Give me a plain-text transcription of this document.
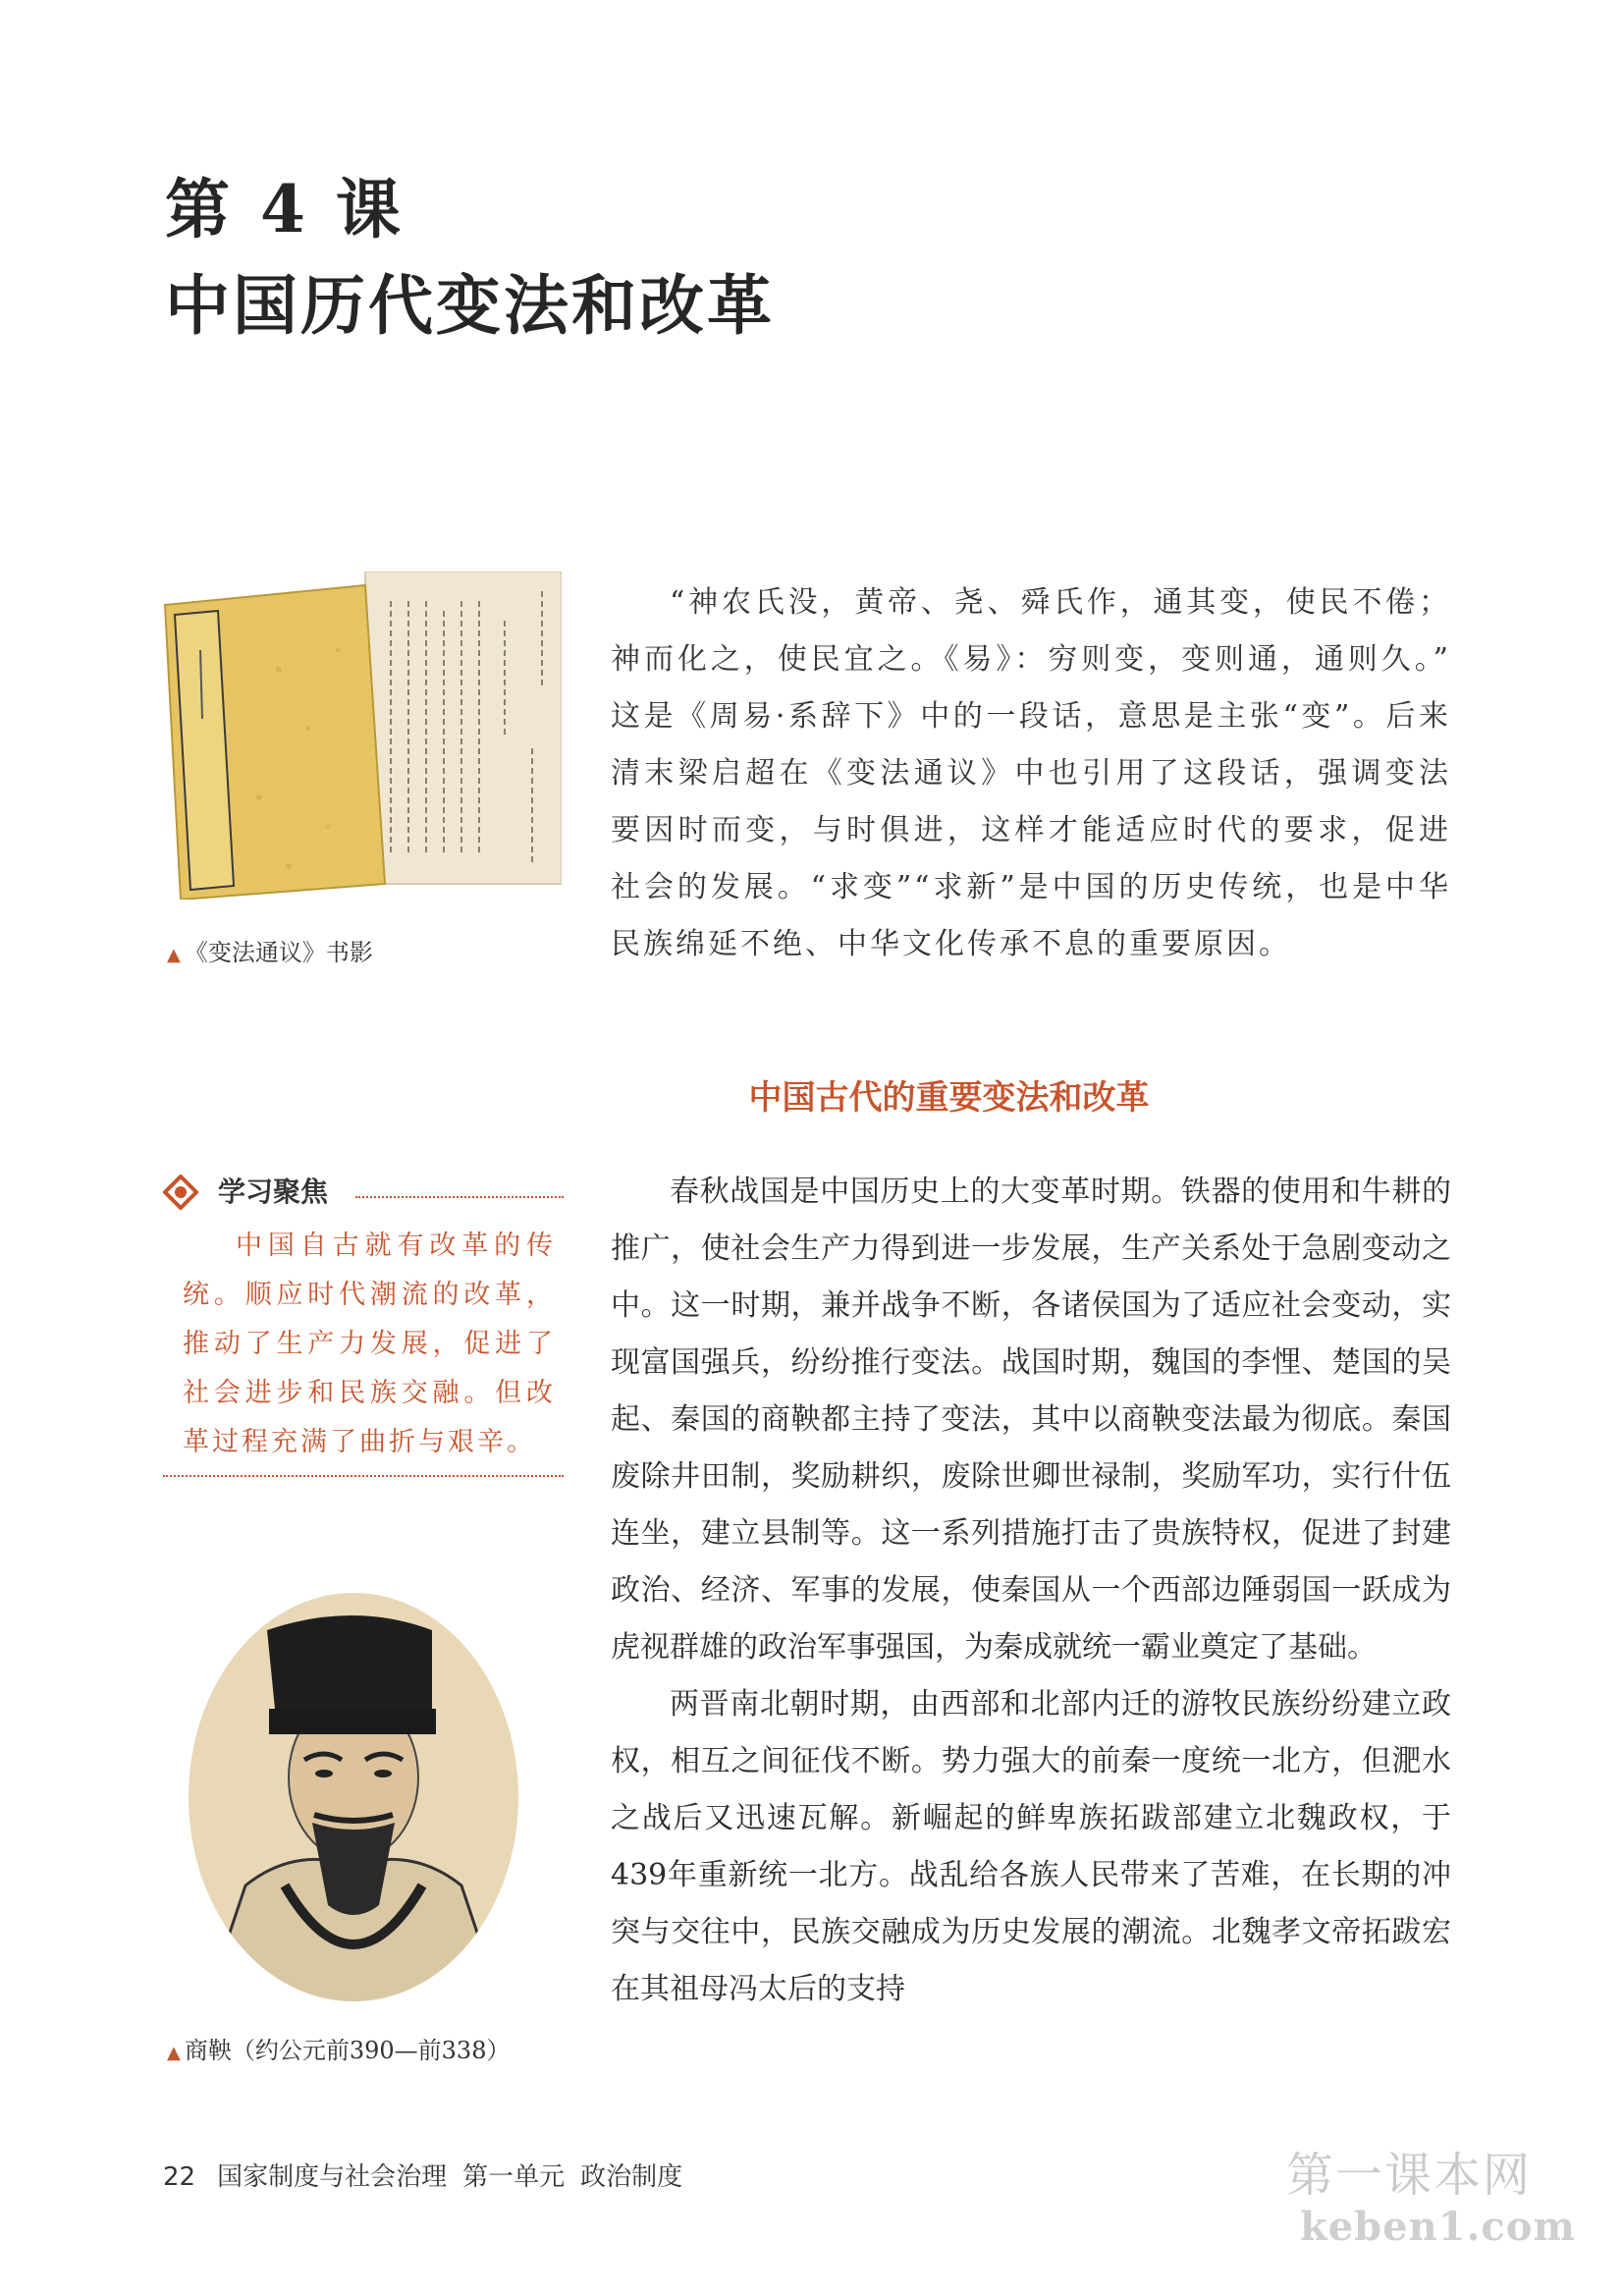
第 4 课
中国历代变法和改革
▲ 《变法通议》书影
“神农氏没，黄帝、尧、舜氏作，通其变，使民不倦；神而化之，使民宜之。《易》：穷则变，变则通，通则久。” 这是《周易·系辞下》中的一段话，意思是主张“变”。后来清末梁启超在《变法通议》中也引用了这段话，强调变法要因时而变，与时俱进，这样才能适应时代的要求，促进社会的发展。“求变”“求新”是中国的历史传统，也是中华民族绵延不绝、中华文化传承不息的重要原因。
中国古代的重要变法和改革
学习聚焦
中国自古就有改革的传统。顺应时代潮流的改革，推动了生产力发展，促进了社会进步和民族交融。但改革过程充满了曲折与艰辛。
▲ 商鞅（约公元前390—前338）

春秋战国是中国历史上的大变革时期。铁器的使用和牛耕的推广，使社会生产力得到进一步发展，生产关系处于急剧变动之中。这一时期，兼并战争不断，各诸侯国为了适应社会变动，实现富国强兵，纷纷推行变法。战国时期，魏国的李悝、楚国的吴起、秦国的商鞅都主持了变法，其中以商鞅变法最为彻底。秦国废除井田制，奖励耕织，废除世卿世禄制，奖励军功，实行什伍连坐，建立县制等。这一系列措施打击了贵族特权，促进了封建政治、经济、军事的发展，使秦国从一个西部边陲弱国一跃成为虎视群雄的政治军事强国，为秦成就统一霸业奠定了基础。

两晋南北朝时期，由西部和北部内迁的游牧民族纷纷建立政权，相互之间征伐不断。势力强大的前秦一度统一北方，但淝水之战后又迅速瓦解。新崛起的鲜卑族拓跋部建立北魏政权，于439年重新统一北方。战乱给各族人民带来了苦难，在长期的冲突与交往中，民族交融成为历史发展的潮流。北魏孝文帝拓跋宏在其祖母冯太后的支持

22 国家制度与社会治理 第一单元 政治制度	第一课本网
keben1.com
